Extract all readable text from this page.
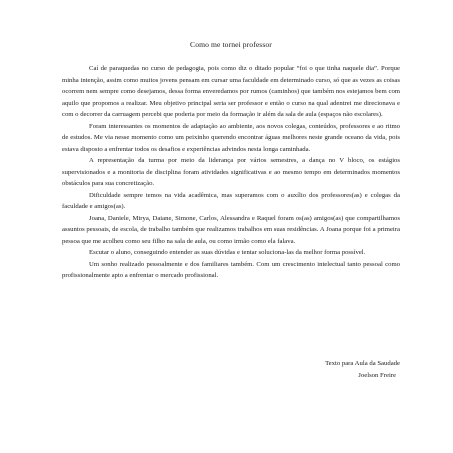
Como me tornei professor

Caí de paraquedas no curso de pedagogia, pois como diz o ditado popular “foi o que tinha naquele dia”. Porque minha intenção, assim como muitos jovens pensam em cursar uma faculdade em determinado curso, só que as vezes as coisas ocorrem nem sempre como desejamos, dessa forma enveredamos por rumos (caminhos) que também nos estejamos bem com aquilo que propomos a realizar. Meu objetivo principal seria ser professor e então o curso na qual adentrei me direcionava e com o decorrer da carruagem percebi que poderia por meio da formação ir além da sala de aula (espaços não escolares).

Foram interessantes os momentos de adaptação ao ambiente, aos novos colegas, conteúdos, professores e ao ritmo de estudos. Me via nesse momento como um peixinho querendo encontrar águas melhores neste grande oceano da vida, pois estava disposto a enfrentar todos os desafios e experiências advindos nesta longa caminhada.

A representação da turma por meio da liderança por vários semestres, a dança no V bloco, os estágios supervisionados e a monitoria de disciplina foram atividades significativas e ao mesmo tempo em determinados momentos obstáculos para sua concretização.

Dificuldade sempre temos na vida acadêmica, mas superamos com o auxílio dos professores(as) e colegas da faculdade e amigos(as).

Joana, Daniele, Mirya, Daiane, Simone, Carlos, Alessandra e Raquel foram os(as) amigos(as) que compartilhamos assuntos pessoais, de escola, de trabalho também que realizamos trabalhos em suas residências. A Joana porque foi a primeira pessoa que me acolheu como seu filho na sala de aula, ou como irmão como ela falava.

Escutar o aluno, conseguindo entender as suas dúvidas e tentar soluciona-las da melhor forma possível.

Um sonho realizado pessoalmente e dos familiares também. Com um crescimento intelectual tanto pessoal como profissionalmente apto a enfrentar o mercado profissional.

Texto para Aula da Saudade
Joelson Freire
